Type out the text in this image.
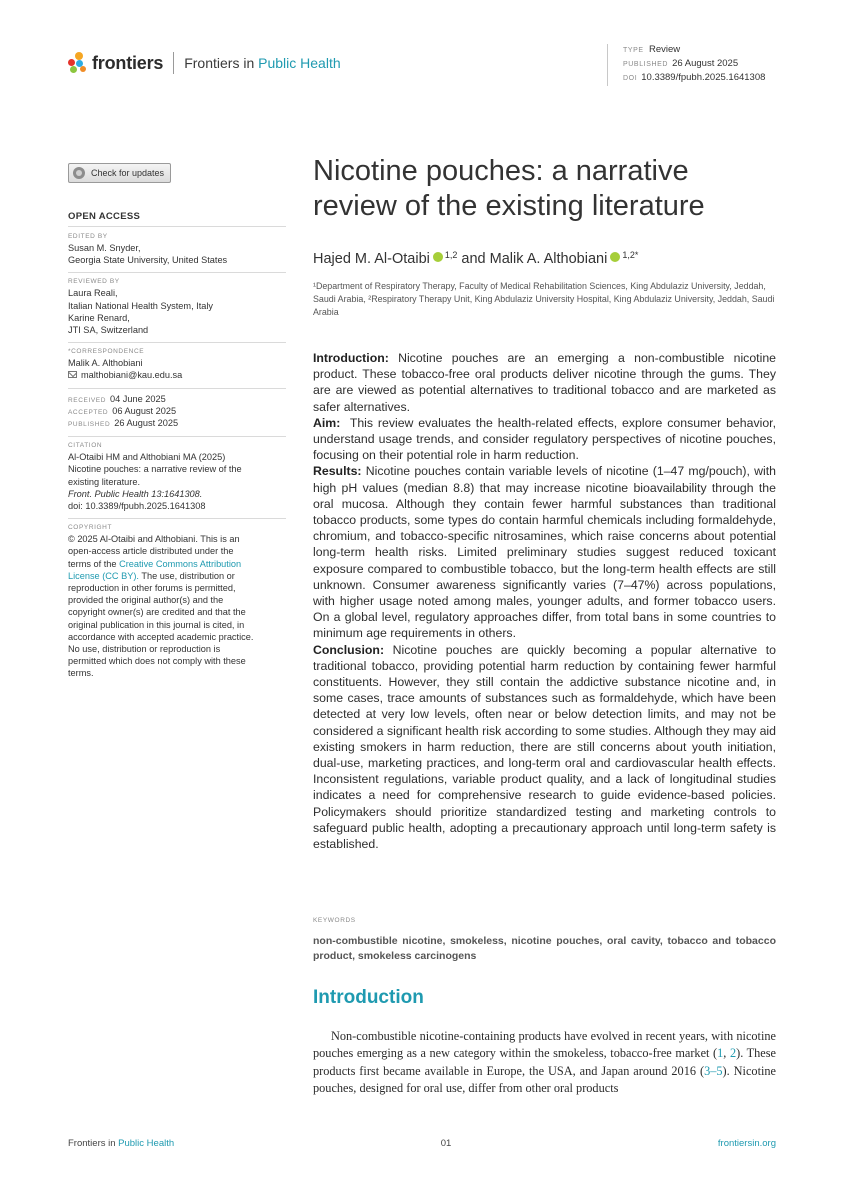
frontiers Frontiers in Public Health
TYPE Review
PUBLISHED 26 August 2025
DOI 10.3389/fpubh.2025.1641308
Check for updates
OPEN ACCESS
EDITED BY
Susan M. Snyder,
Georgia State University, United States
REVIEWED BY
Laura Reali,
Italian National Health System, Italy
Karine Renard,
JTI SA, Switzerland
*CORRESPONDENCE
Malik A. Althobiani
malthobiani@kau.edu.sa
RECEIVED 04 June 2025
ACCEPTED 06 August 2025
PUBLISHED 26 August 2025
CITATION
Al-Otaibi HM and Althobiani MA (2025)
Nicotine pouches: a narrative review of the
existing literature.
Front. Public Health 13:1641308.
doi: 10.3389/fpubh.2025.1641308
COPYRIGHT
© 2025 Al-Otaibi and Althobiani. This is an
open-access article distributed under the
terms of the Creative Commons Attribution
License (CC BY). The use, distribution or
reproduction in other forums is permitted,
provided the original author(s) and the
copyright owner(s) are credited and that the
original publication in this journal is cited, in
accordance with accepted academic practice.
No use, distribution or reproduction is
permitted which does not comply with these
terms.
Nicotine pouches: a narrative
review of the existing literature
Hajed M. Al-Otaibi $^{1,2}$ and Malik A. Althobiani $^{1,2*}$
¹Department of Respiratory Therapy, Faculty of Medical Rehabilitation Sciences, King Abdulaziz University, Jeddah, Saudi Arabia, ²Respiratory Therapy Unit, King Abdulaziz University Hospital, King Abdulaziz University, Jeddah, Saudi Arabia

Introduction: Nicotine pouches are an emerging a non-combustible nicotine product. These tobacco-free oral products deliver nicotine through the gums. They are are viewed as potential alternatives to traditional tobacco and are marketed as safer alternatives.

Aim:  This review evaluates the health-related effects, explore consumer behavior, understand usage trends, and consider regulatory perspectives of nicotine pouches, focusing on their potential role in harm reduction.

Results: Nicotine pouches contain variable levels of nicotine (1–47 mg/pouch), with high pH values (median 8.8) that may increase nicotine bioavailability through the oral mucosa. Although they contain fewer harmful substances than traditional tobacco products, some types do contain harmful chemicals including formaldehyde, chromium, and tobacco-specific nitrosamines, which raise concerns about potential long-term health risks. Limited preliminary studies suggest reduced toxicant exposure compared to combustible tobacco, but the long-term health effects are still unknown. Consumer awareness significantly varies (7–47%) across populations, with higher usage noted among males, younger adults, and former tobacco users. On a global level, regulatory approaches differ, from total bans in some countries to minimum age requirements in others.

Conclusion: Nicotine pouches are quickly becoming a popular alternative to traditional tobacco, providing potential harm reduction by containing fewer harmful constituents. However, they still contain the addictive substance nicotine and, in some cases, trace amounts of substances such as formaldehyde, which have been detected at very low levels, often near or below detection limits, and may not be considered a significant health risk according to some studies. Although they may aid existing smokers in harm reduction, there are still concerns about youth initiation, dual-use, marketing practices, and long-term oral and cardiovascular health effects. Inconsistent regulations, variable product quality, and a lack of longitudinal studies indicates a need for comprehensive research to guide evidence-based policies. Policymakers should prioritize standardized testing and marketing controls to safeguard public health, adopting a precautionary approach until long-term safety is established.

KEYWORDS
non-combustible nicotine, smokeless, nicotine pouches, oral cavity, tobacco and tobacco product, smokeless carcinogens
Introduction
Non-combustible nicotine-containing products have evolved in recent years, with nicotine pouches emerging as a new category within the smokeless, tobacco-free market (1, 2). These products first became available in Europe, the USA, and Japan around 2016 (3–5). Nicotine pouches, designed for oral use, differ from other oral products
Frontiers in Public Health	01	frontiersin.org
